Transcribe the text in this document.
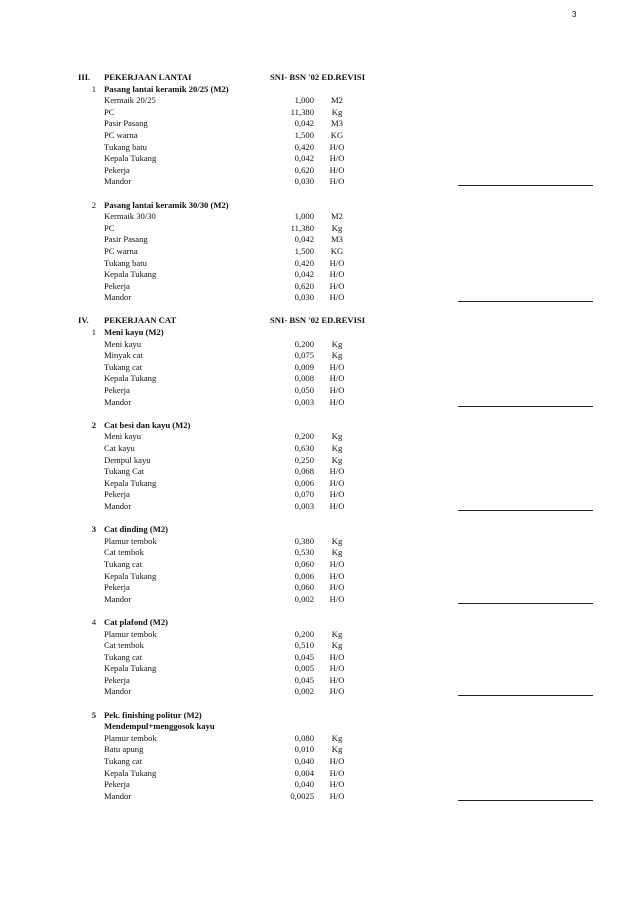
3
III. PEKERJAAN LANTAI	SNI- BSN '02 ED.REVISI
1 Pasang lantai keramik 20/25 (M2)
Kermaik 20/25	1,000	M2
PC	11,380	Kg
Pasir Pasang	0,042	M3
PC warna	1,500	KG
Tukang batu	0,420	H/O
Kepala Tukang	0,042	H/O
Pekerja	0,620	H/O
Mandor	0,030	H/O
2 Pasang lantai keramik 30/30 (M2)
Kermaik 30/30	1,000	M2
PC	11,380	Kg
Pasir Pasang	0,042	M3
PC warna	1,500	KG
Tukang batu	0,420	H/O
Kepala Tukang	0,042	H/O
Pekerja	0,620	H/O
Mandor	0,030	H/O
IV. PEKERJAAN CAT	SNI- BSN '02 ED.REVISI
1 Meni kayu (M2)
Meni kayu	0,200	Kg
Minyak cat	0,075	Kg
Tukang cat	0,009	H/O
Kepala Tukang	0,008	H/O
Pekerja	0,050	H/O
Mandor	0,003	H/O
2 Cat besi dan kayu (M2)
Meni kayu	0,200	Kg
Cat kayu	0,630	Kg
Dempul kayu	0,250	Kg
Tukang Cat	0,068	H/O
Kepala Tukang	0,006	H/O
Pekerja	0,070	H/O
Mandor	0,003	H/O
3 Cat dinding (M2)
Plamur tembok	0,380	Kg
Cat tembok	0,530	Kg
Tukang cat	0,060	H/O
Kepala Tukang	0,006	H/O
Pekerja	0,060	H/O
Mandor	0,002	H/O
4 Cat plafond (M2)
Plamur tembok	0,200	Kg
Cat tembok	0,510	Kg
Tukang cat	0,045	H/O
Kepala Tukang	0,005	H/O
Pekerja	0,045	H/O
Mandor	0,002	H/O
5 Pek. finishing politur (M2)
Mendempul+menggosok kayu
Plamur tembok	0,080	Kg
Batu apung	0,010	Kg
Tukang cat	0,040	H/O
Kepala Tukang	0,004	H/O
Pekerja	0,040	H/O
Mandor	0,0025	H/O
